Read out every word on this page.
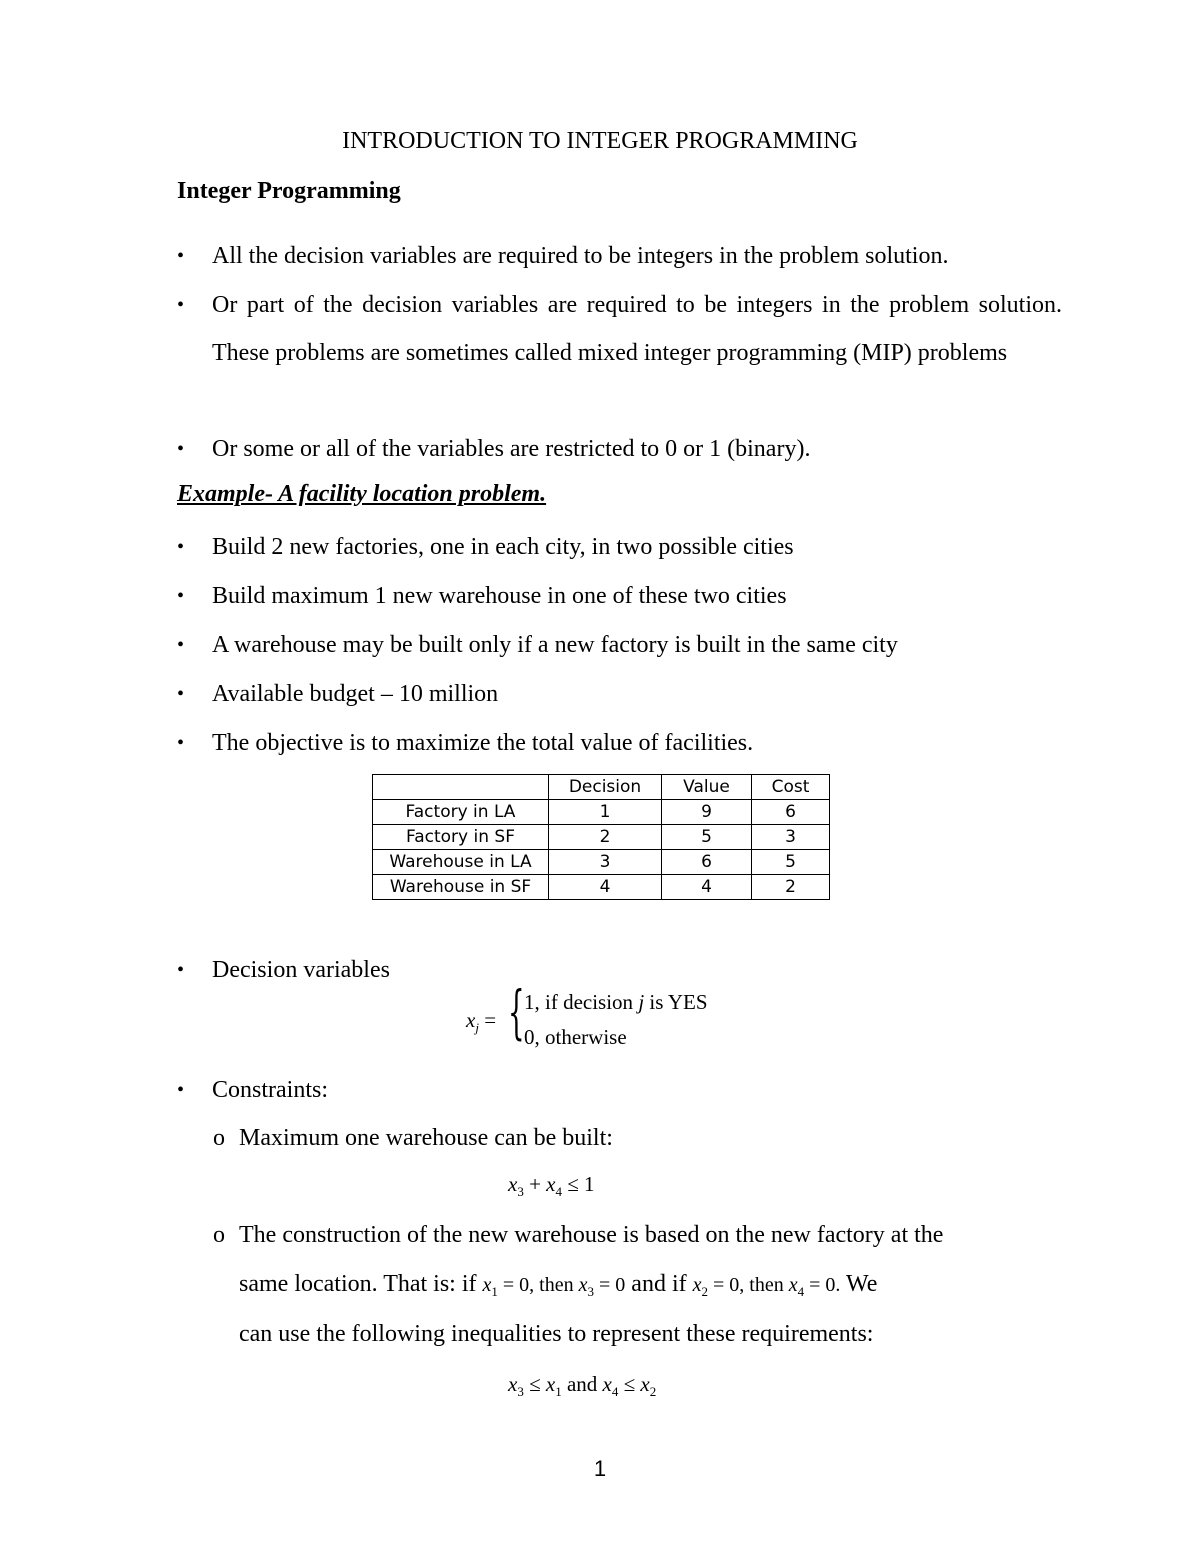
INTRODUCTION TO INTEGER PROGRAMMING
Integer Programming
•	All the decision variables are required to be integers in the problem solution.
•	Or part of the decision variables are required to be integers in the problem solution. These problems are sometimes called mixed integer programming (MIP) problems
•	Or some or all of the variables are restricted to 0 or 1 (binary).
Example- A facility location problem.
•	Build 2 new factories, one in each city, in two possible cities
•	Build maximum 1 new warehouse in one of these two cities
•	A warehouse may be built only if a new factory is built in the same city
•	Available budget – 10 million
•	The objective is to maximize the total value of facilities.
	Decision	Value	Cost
Factory in LA	1	9	6
Factory in SF	2	5	3
Warehouse in LA	3	6	5
Warehouse in SF	4	4	2
•	Decision variables
$x_j$ = { 1, if decision j is YES
0, otherwise
•	Constraints:
o Maximum one warehouse can be built:
$x_3 + x_4 \le 1$
o The construction of the new warehouse is based on the new factory at the
same location. That is: if $x_1 = 0$, then $x_3 = 0$ and if $x_2 = 0$, then $x_4 = 0$. We
can use the following inequalities to represent these requirements:
$x_3 \le x_1$ and $x_4 \le x_2$
1
